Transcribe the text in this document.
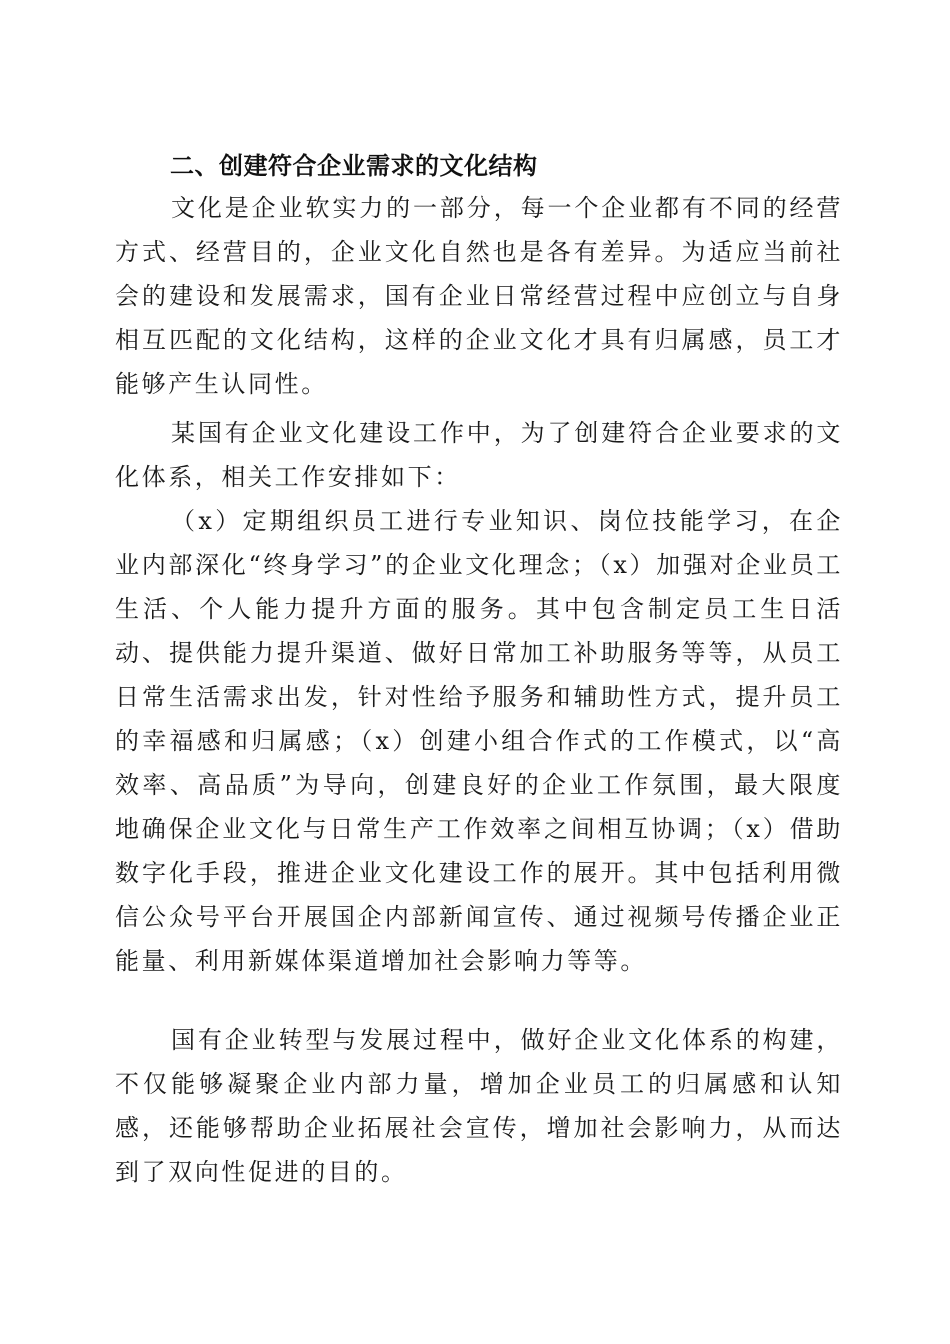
二、创建符合企业需求的文化结构

文化是企业软实力的一部分，每一个企业都有不同的经营方式、经营目的，企业文化自然也是各有差异。为适应当前社会的建设和发展需求，国有企业日常经营过程中应创立与自身相互匹配的文化结构，这样的企业文化才具有归属感，员工才能够产生认同性。

某国有企业文化建设工作中，为了创建符合企业要求的文化体系，相关工作安排如下：

（x）定期组织员工进行专业知识、岗位技能学习，在企业内部深化“终身学习”的企业文化理念；（x）加强对企业员工生活、个人能力提升方面的服务。其中包含制定员工生日活动、提供能力提升渠道、做好日常加工补助服务等等，从员工日常生活需求出发，针对性给予服务和辅助性方式，提升员工的幸福感和归属感；（x）创建小组合作式的工作模式，以“高效率、高品质”为导向，创建良好的企业工作氛围，最大限度地确保企业文化与日常生产工作效率之间相互协调；（x）借助数字化手段，推进企业文化建设工作的展开。其中包括利用微信公众号平台开展国企内部新闻宣传、通过视频号传播企业正能量、利用新媒体渠道增加社会影响力等等。

国有企业转型与发展过程中，做好企业文化体系的构建，不仅能够凝聚企业内部力量，增加企业员工的归属感和认知感，还能够帮助企业拓展社会宣传，增加社会影响力，从而达到了双向性促进的目的。
